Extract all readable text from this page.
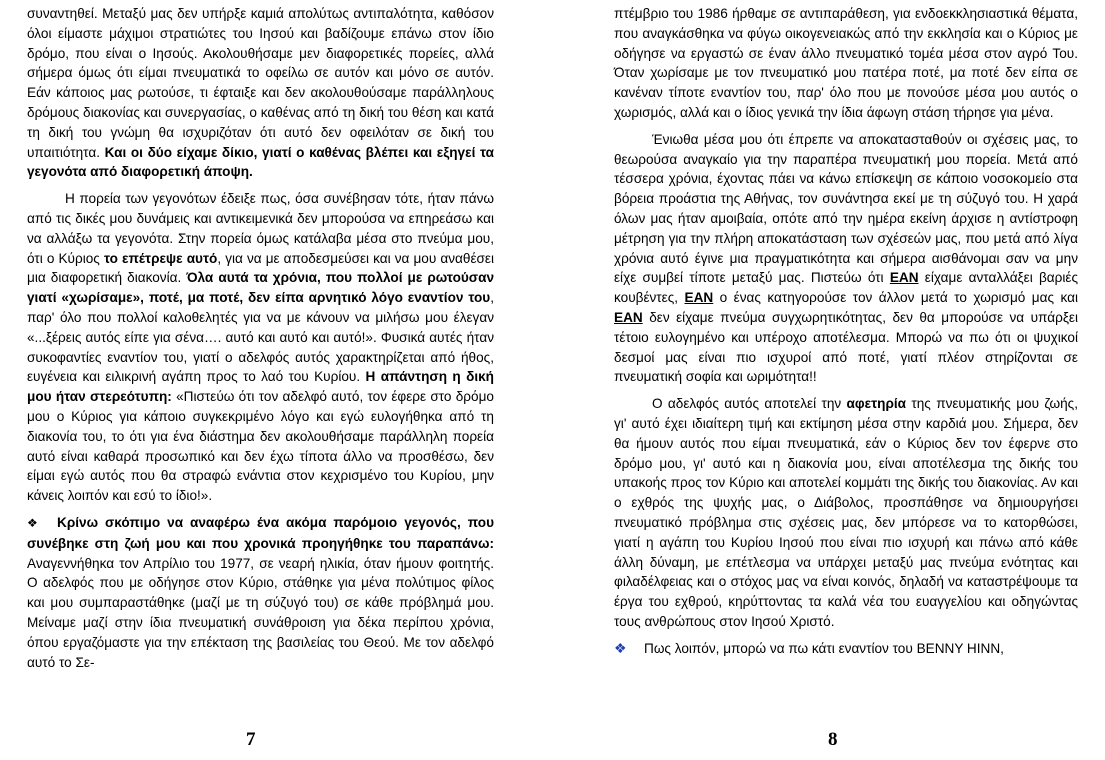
συναντηθεί. Μεταξύ μας δεν υπήρξε καμιά απολύτως αντιπαλότητα, καθόσον όλοι είμαστε μάχιμοι στρατιώτες του Ιησού και βαδίζουμε επάνω στον ίδιο δρόμο, που είναι ο Ιησούς. Ακολουθήσαμε μεν διαφορετικές πορείες, αλλά σήμερα όμως ότι είμαι πνευματικά το οφείλω σε αυτόν και μόνο σε αυτόν. Εάν κάποιος μας ρωτούσε, τι έφταιξε και δεν ακολουθούσαμε παράλληλους δρόμους διακονίας και συνεργασίας, ο καθένας από τη δική του θέση και κατά τη δική του γνώμη θα ισχυριζόταν ότι αυτό δεν οφειλόταν σε δική του υπαιτιότητα. Και οι δύο είχαμε δίκιο, γιατί ο καθένας βλέπει και εξηγεί τα γεγονότα από διαφορετική άποψη.

Η πορεία των γεγονότων έδειξε πως, όσα συνέβησαν τότε, ήταν πάνω από τις δικές μου δυνάμεις και αντικειμενικά δεν μπορούσα να επηρεάσω και να αλλάξω τα γεγονότα. Στην πορεία όμως κατάλαβα μέσα στο πνεύμα μου, ότι ο Κύριος το επέτρεψε αυτό, για να με αποδεσμεύσει και να μου αναθέσει μια διαφορετική διακονία. Όλα αυτά τα χρόνια, που πολλοί με ρωτούσαν γιατί «χωρίσαμε», ποτέ, μα ποτέ, δεν είπα αρνητικό λόγο εναντίον του, παρ' όλο που πολλοί καλοθελητές για να με κάνουν να μιλήσω μου έλεγαν «...ξέρεις αυτός είπε για σένα…. αυτό και αυτό και αυτό!». Φυσικά αυτές ήταν συκοφαντίες εναντίον του, γιατί ο αδελφός αυτός χαρακτηρίζεται από ήθος, ευγένεια και ειλικρινή αγάπη προς το λαό του Κυρίου. Η απάντηση η δική μου ήταν στερεότυπη: «Πιστεύω ότι τον αδελφό αυτό, τον έφερε στο δρόμο μου ο Κύριος για κάποιο συγκεκριμένο λόγο και εγώ ευλογήθηκα από τη διακονία του, το ότι για ένα διάστημα δεν ακολουθήσαμε παράλληλη πορεία αυτό είναι καθαρά προσωπικό και δεν έχω τίποτα άλλο να προσθέσω, δεν είμαι εγώ αυτός που θα στραφώ ενάντια στον κεχρισμένο του Κυρίου, μην κάνεις λοιπόν και εσύ το ίδιο!».

❖ Κρίνω σκόπιμο να αναφέρω ένα ακόμα παρόμοιο γεγονός, που συνέβηκε στη ζωή μου και που χρονικά προηγήθηκε του παραπάνω: Αναγεννήθηκα τον Απρίλιο του 1977, σε νεαρή ηλικία, όταν ήμουν φοιτητής. Ο αδελφός που με οδήγησε στον Κύριο, στάθηκε για μένα πολύτιμος φίλος και μου συμπαραστάθηκε (μαζί με τη σύζυγό του) σε κάθε πρόβλημά μου. Μείναμε μαζί στην ίδια πνευματική συνάθροιση για δέκα περίπου χρόνια, όπου εργαζόμαστε για την επέκταση της βασιλείας του Θεού. Με τον αδελφό αυτό το Σε-

7

πτέμβριο του 1986 ήρθαμε σε αντιπαράθεση, για ενδοεκκλησιαστικά θέματα, που αναγκάσθηκα να φύγω οικογενειακώς από την εκκλησία και ο Κύριος με οδήγησε να εργαστώ σε έναν άλλο πνευματικό τομέα μέσα στον αγρό Του. Όταν χωρίσαμε με τον πνευματικό μου πατέρα ποτέ, μα ποτέ δεν είπα σε κανέναν τίποτε εναντίον του, παρ' όλο που με πονούσε μέσα μου αυτός ο χωρισμός, αλλά και ο ίδιος γενικά την ίδια άφωγη στάση τήρησε για μένα.

Ένιωθα μέσα μου ότι έπρεπε να αποκατασταθούν οι σχέσεις μας, το θεωρούσα αναγκαίο για την παραπέρα πνευματική μου πορεία. Μετά από τέσσερα χρόνια, έχοντας πάει να κάνω επίσκεψη σε κάποιο νοσοκομείο στα βόρεια προάστια της Αθήνας, τον συνάντησα εκεί με τη σύζυγό του. Η χαρά όλων μας ήταν αμοιβαία, οπότε από την ημέρα εκείνη άρχισε η αντίστροφη μέτρηση για την πλήρη αποκατάσταση των σχέσεών μας, που μετά από λίγα χρόνια αυτό έγινε μια πραγματικότητα και σήμερα αισθάνομαι σαν να μην είχε συμβεί τίποτε μεταξύ μας. Πιστεύω ότι ΕΑΝ είχαμε ανταλλάξει βαριές κουβέντες, ΕΑΝ ο ένας κατηγορούσε τον άλλον μετά το χωρισμό μας και ΕΑΝ δεν είχαμε πνεύμα συγχωρητικότητας, δεν θα μπορούσε να υπάρξει τέτοιο ευλογημένο και υπέροχο αποτέλεσμα. Μπορώ να πω ότι οι ψυχικοί δεσμοί μας είναι πιο ισχυροί από ποτέ, γιατί πλέον στηρίζονται σε πνευματική σοφία και ωριμότητα!!

Ο αδελφός αυτός αποτελεί την αφετηρία της πνευματικής μου ζωής, γι' αυτό έχει ιδιαίτερη τιμή και εκτίμηση μέσα στην καρδιά μου. Σήμερα, δεν θα ήμουν αυτός που είμαι πνευματικά, εάν ο Κύριος δεν τον έφερνε στο δρόμο μου, γι' αυτό και η διακονία μου, είναι αποτέλεσμα της δικής του υπακοής προς τον Κύριο και αποτελεί κομμάτι της δικής του διακονίας. Αν και ο εχθρός της ψυχής μας, ο Διάβολος, προσπάθησε να δημιουργήσει πνευματικό πρόβλημα στις σχέσεις μας, δεν μπόρεσε να το κατορθώσει, γιατί η αγάπη του Κυρίου Ιησού που είναι πιο ισχυρή και πάνω από κάθε άλλη δύναμη, με επέτλεσμα να υπάρχει μεταξύ μας πνεύμα ενότητας και φιλαδέλφειας και ο στόχος μας να είναι κοινός, δηλαδή να καταστρέψουμε τα έργα του εχθρού, κηρύττοντας τα καλά νέα του ευαγγελίου και οδηγώντας τους ανθρώπους στον Ιησού Χριστό.

❖ Πως λοιπόν, μπορώ να πω κάτι εναντίον του BENNY HINN,

8
